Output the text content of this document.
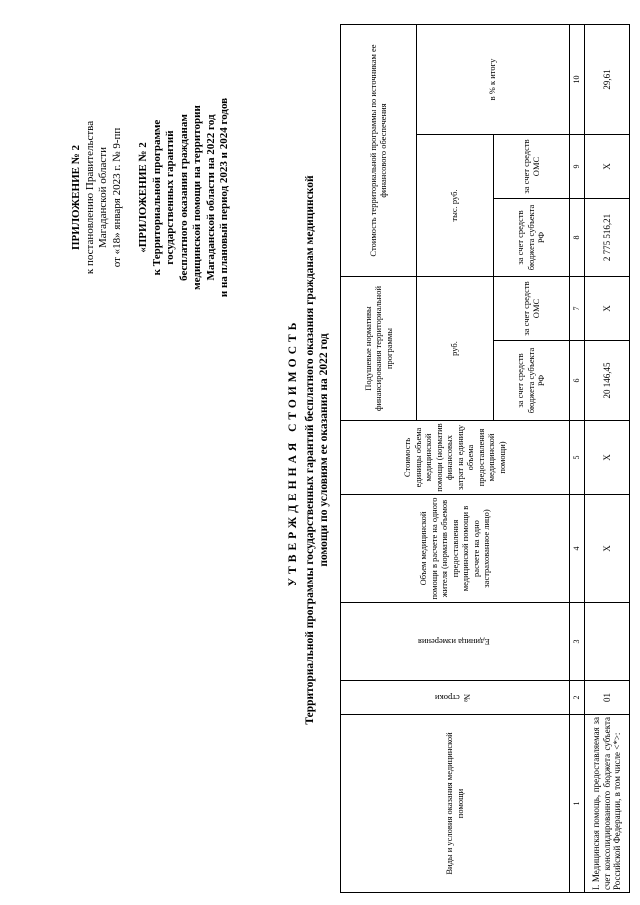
ПРИЛОЖЕНИЕ № 2 к постановлению Правительства Магаданской области от «18» января 2023 г. № 9-пп «ПРИЛОЖЕНИЕ № 2 к Территориальной программе государственных гарантий бесплатного оказания гражданам медицинской помощи на территории Магаданской области на 2022 год и на плановый период 2023 и 2024 годов
УТВЕРЖДЕННАЯ СТОИМОСТЬ Территориальной программы государственных гарантий бесплатного оказания гражданам медицинской помощи по условиям ее оказания на 2022 год
Виды и условия оказания медицинской помощи	№ строки	Единица измерения	Объем медицинской помощи в расчете на одного жителя (норматив объемов предоставления медицинской помощи в расчете на одно застрахованное лицо)	Стоимость единицы объема медицинской помощи (норматив финансовых затрат на единицу объема предоставления медицинской помощи)	Подушевые нормативы финансирования территориальной программы		Стоимость территориальной программы по источникам ее финансового обеспечения		
					руб.		тыс. руб.		в % к итогу
					за счет средств бюджета субъекта РФ	за счет средств ОМС	за счет средств бюджета субъекта РФ	за счет средств ОМС	
1	2	3	4	5	6	7	8	9	10
I. Медицинская помощь, предоставляемая за счет консолидированного бюджета субъекта Российской Федерации, в том числе <*>:	01		Х	Х	20 146,45	Х	2 775 516,21	Х	29,61
